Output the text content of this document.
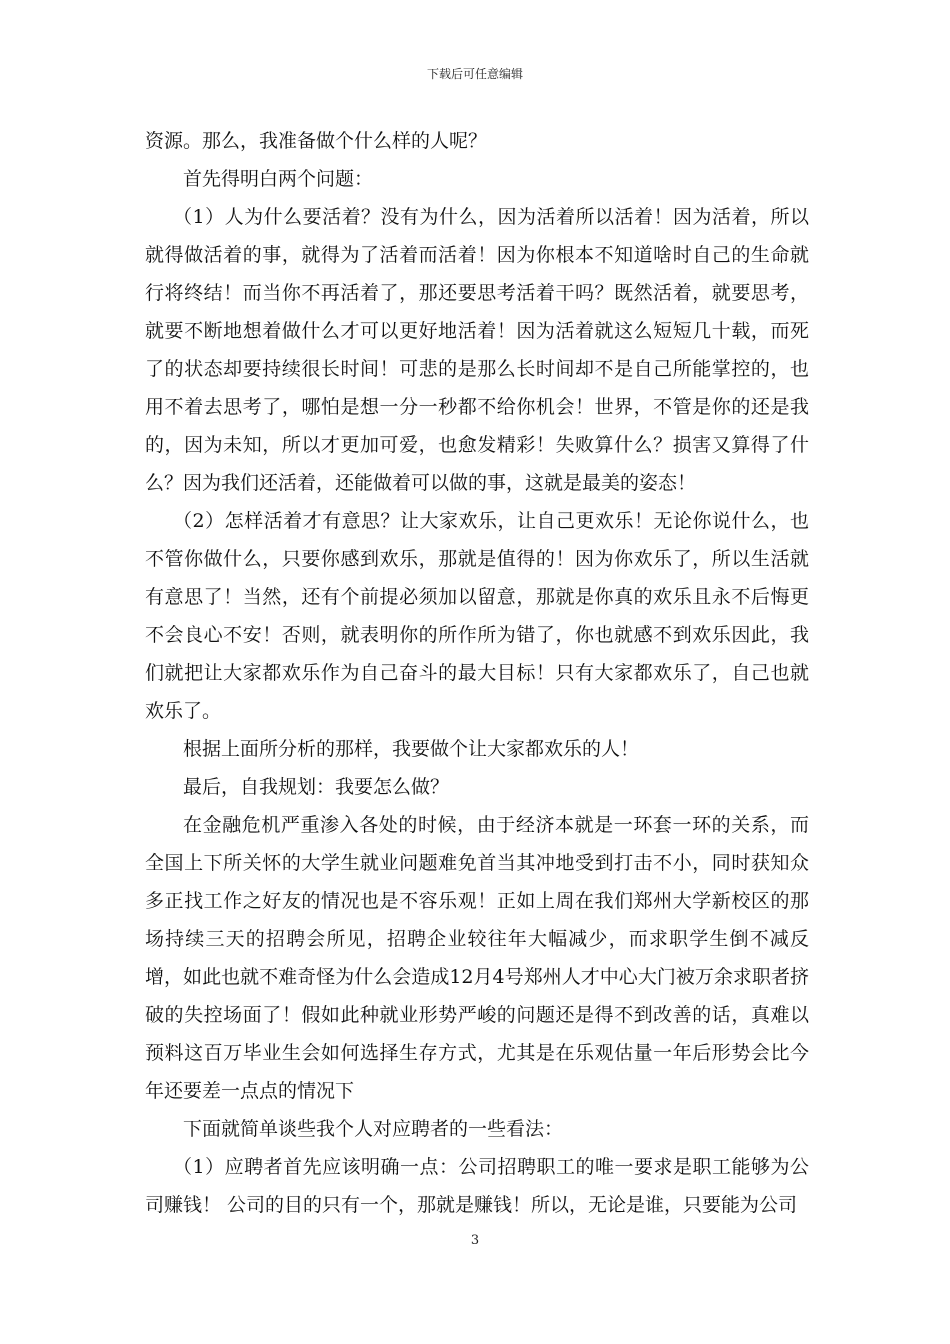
下载后可任意编辑

资源。那么，我准备做个什么样的人呢？

首先得明白两个问题：

（1）人为什么要活着？没有为什么，因为活着所以活着！因为活着，所以就得做活着的事，就得为了活着而活着！因为你根本不知道啥时自己的生命就行将终结！而当你不再活着了，那还要思考活着干吗？既然活着，就要思考，就要不断地想着做什么才可以更好地活着！因为活着就这么短短几十载，而死了的状态却要持续很长时间！可悲的是那么长时间却不是自己所能掌控的，也用不着去思考了，哪怕是想一分一秒都不给你机会！世界，不管是你的还是我的，因为未知，所以才更加可爱，也愈发精彩！失败算什么？损害又算得了什么？因为我们还活着，还能做着可以做的事，这就是最美的姿态！

（2）怎样活着才有意思？让大家欢乐，让自己更欢乐！无论你说什么，也不管你做什么，只要你感到欢乐，那就是值得的！因为你欢乐了，所以生活就有意思了！当然，还有个前提必须加以留意，那就是你真的欢乐且永不后悔更不会良心不安！否则，就表明你的所作所为错了，你也就感不到欢乐因此，我们就把让大家都欢乐作为自己奋斗的最大目标！只有大家都欢乐了，自己也就欢乐了。

根据上面所分析的那样，我要做个让大家都欢乐的人！

最后，自我规划：我要怎么做？

在金融危机严重渗入各处的时候，由于经济本就是一环套一环的关系，而全国上下所关怀的大学生就业问题难免首当其冲地受到打击不小，同时获知众多正找工作之好友的情况也是不容乐观！正如上周在我们郑州大学新校区的那场持续三天的招聘会所见，招聘企业较往年大幅减少，而求职学生倒不减反增，如此也就不难奇怪为什么会造成12月4号郑州人才中心大门被万余求职者挤破的失控场面了！假如此种就业形势严峻的问题还是得不到改善的话，真难以预料这百万毕业生会如何选择生存方式，尤其是在乐观估量一年后形势会比今年还要差一点点的情况下

下面就简单谈些我个人对应聘者的一些看法：

（1）应聘者首先应该明确一点：公司招聘职工的唯一要求是职工能够为公司赚钱！ 公司的目的只有一个，那就是赚钱！所以，无论是谁，只要能为公司

3
